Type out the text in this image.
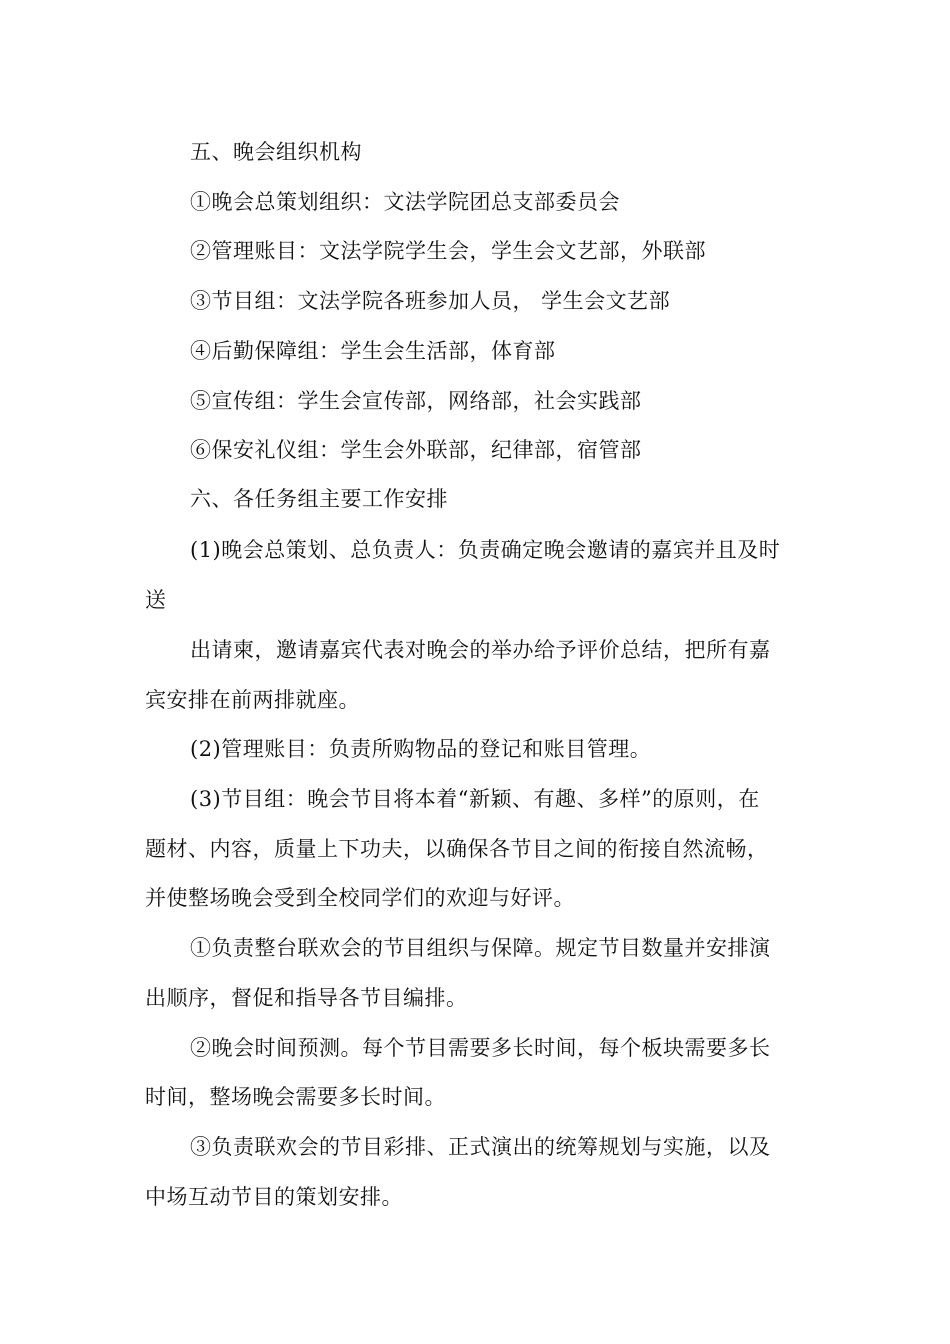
五、晚会组织机构
①晚会总策划组织：文法学院团总支部委员会
②管理账目：文法学院学生会，学生会文艺部，外联部
③节目组：文法学院各班参加人员， 学生会文艺部
④后勤保障组：学生会生活部，体育部
⑤宣传组：学生会宣传部，网络部，社会实践部
⑥保安礼仪组：学生会外联部，纪律部，宿管部
六、各任务组主要工作安排
(1)晚会总策划、总负责人：负责确定晚会邀请的嘉宾并且及时
送
出请柬，邀请嘉宾代表对晚会的举办给予评价总结，把所有嘉
宾安排在前两排就座。
(2)管理账目：负责所购物品的登记和账目管理。
(3)节目组：晚会节目将本着“新颖、有趣、多样”的原则，在
题材、内容，质量上下功夫，以确保各节目之间的衔接自然流畅，
并使整场晚会受到全校同学们的欢迎与好评。
①负责整台联欢会的节目组织与保障。规定节目数量并安排演
出顺序，督促和指导各节目编排。
②晚会时间预测。每个节目需要多长时间，每个板块需要多长
时间，整场晚会需要多长时间。
③负责联欢会的节目彩排、正式演出的统筹规划与实施，以及
中场互动节目的策划安排。
